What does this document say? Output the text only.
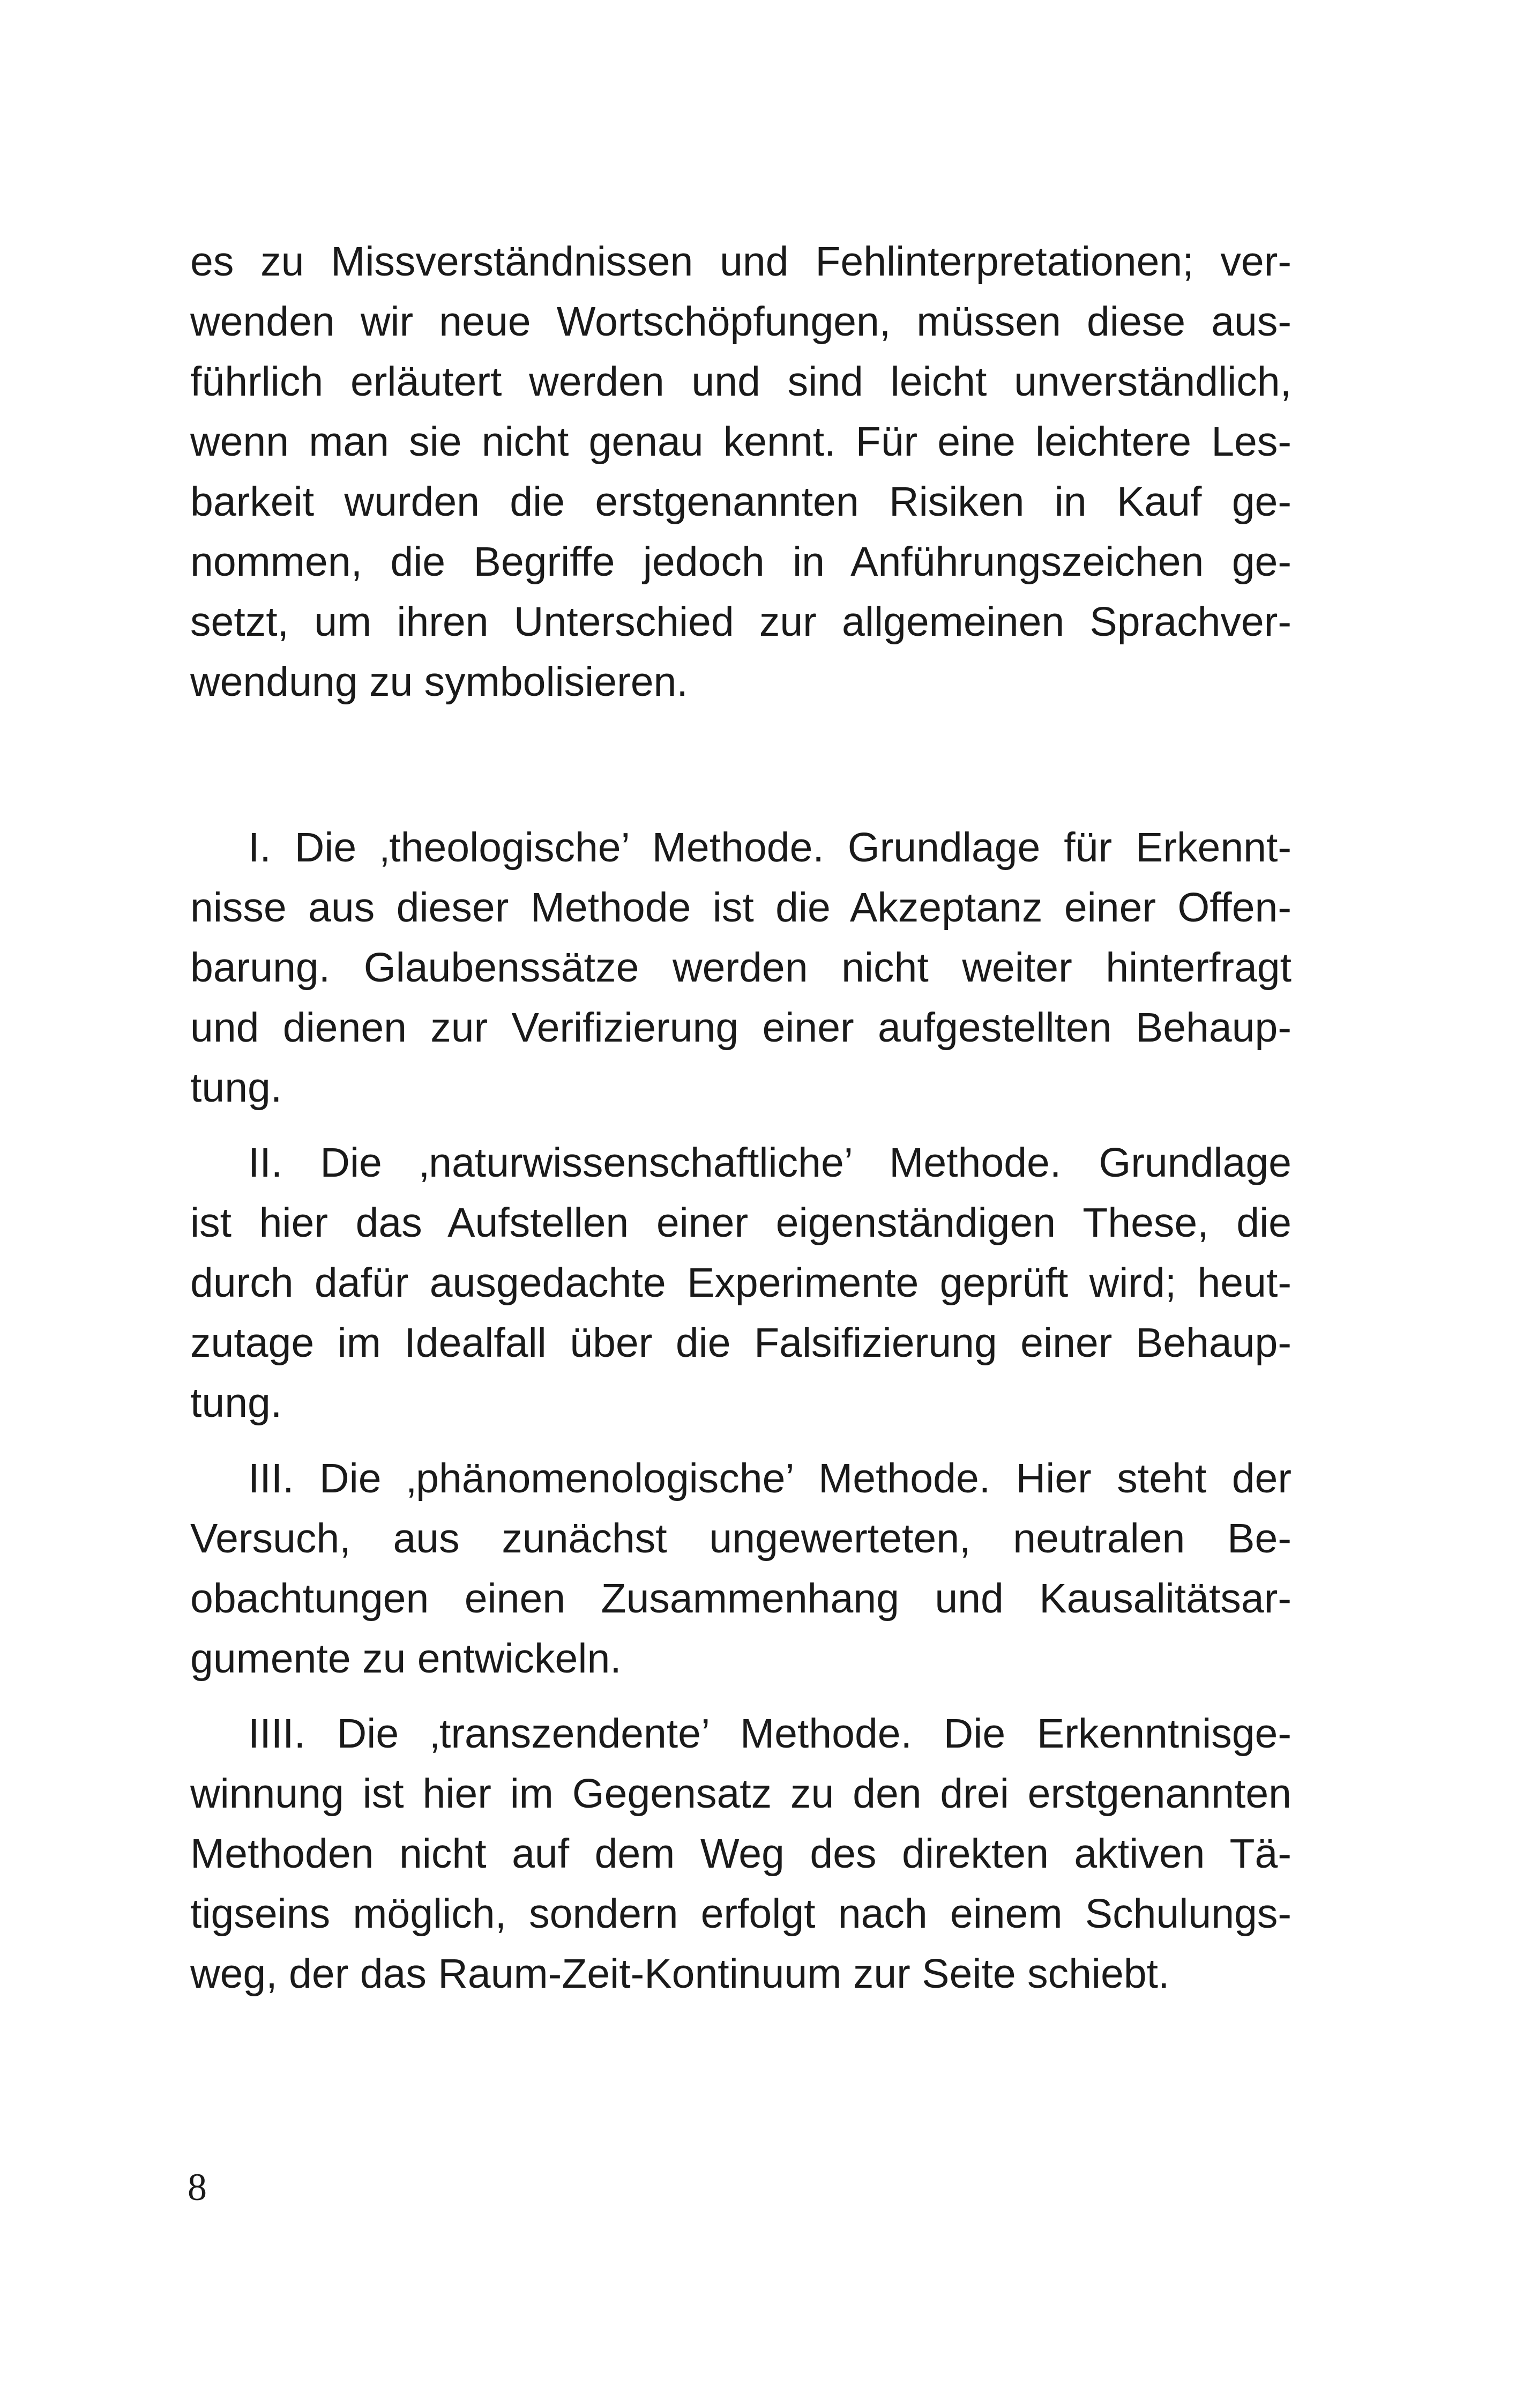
es zu Missverständnissen und Fehlinterpretationen; ver-
wenden wir neue Wortschöpfungen, müssen diese aus-
führlich erläutert werden und sind leicht unverständlich,
wenn man sie nicht genau kennt. Für eine leichtere Les-
barkeit wurden die erstgenannten Risiken in Kauf ge-
nommen, die Begriffe jedoch in Anführungszeichen ge-
setzt, um ihren Unterschied zur allgemeinen Sprachver-
wendung zu symbolisieren.
I. Die ‚theologische’ Methode. Grundlage für Erkennt-
nisse aus dieser Methode ist die Akzeptanz einer Offen-
barung. Glaubenssätze werden nicht weiter hinterfragt
und dienen zur Verifizierung einer aufgestellten Behaup-
tung.
II. Die ‚naturwissenschaftliche’ Methode. Grundlage
ist hier das Aufstellen einer eigenständigen These, die
durch dafür ausgedachte Experimente geprüft wird; heut-
zutage im Idealfall über die Falsifizierung einer Behaup-
tung.
III. Die ‚phänomenologische’ Methode. Hier steht der
Versuch, aus zunächst ungewerteten, neutralen Be-
obachtungen einen Zusammenhang und Kausalitätsar-
gumente zu entwickeln.
IIII. Die ‚transzendente’ Methode. Die Erkenntnisge-
winnung ist hier im Gegensatz zu den drei erstgenannten
Methoden nicht auf dem Weg des direkten aktiven Tä-
tigseins möglich, sondern erfolgt nach einem Schulungs-
weg, der das Raum-Zeit-Kontinuum zur Seite schiebt.
8
